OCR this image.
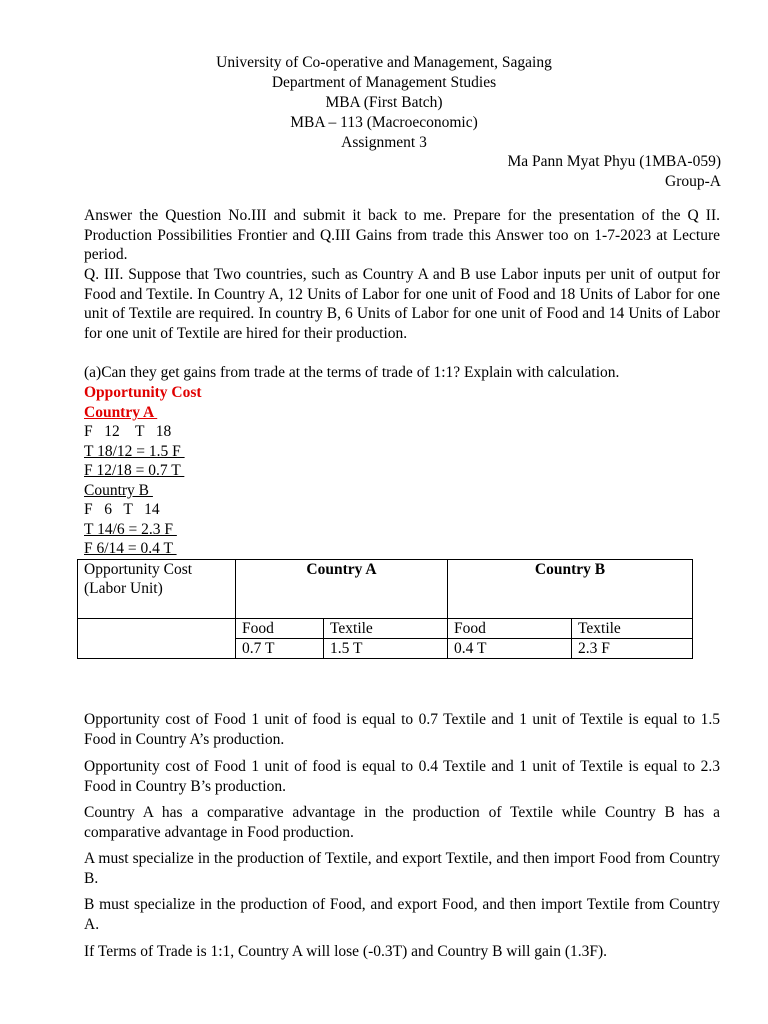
University of Co-operative and Management, Sagaing
Department of Management Studies
MBA (First Batch)
MBA – 113 (Macroeconomic)
Assignment 3
Ma Pann Myat Phyu (1MBA-059)
Group-A
Answer the Question No.III and submit it back to me. Prepare for the presentation of the Q II. Production Possibilities Frontier and Q.III Gains from trade this Answer too on 1-7-2023 at Lecture period.
Q. III. Suppose that Two countries, such as Country A and B use Labor inputs per unit of output for Food and Textile. In Country A, 12 Units of Labor for one unit of Food and 18 Units of Labor for one unit of Textile are required. In country B, 6 Units of Labor for one unit of Food and 14 Units of Labor for one unit of Textile are hired for their production.
(a)Can they get gains from trade at the terms of trade of 1:1? Explain with calculation.
Opportunity Cost
Country A
F   12    T   18
T 18/12 = 1.5 F
F 12/18 = 0.7 T
Country B
F   6   T   14
T 14/6 = 2.3 F
F 6/14 = 0.4 T
Opportunity Cost (Labor Unit)	Country A		Country B	
	Food	Textile	Food	Textile
	0.7 T	1.5 T	0.4 T	2.3 F
Opportunity cost of Food 1 unit of food is equal to 0.7 Textile and 1 unit of Textile is equal to 1.5 Food in Country A’s production.
Opportunity cost of Food 1 unit of food is equal to 0.4 Textile and 1 unit of Textile is equal to 2.3 Food in Country B’s production.
Country A has a comparative advantage in the production of Textile while Country B has a comparative advantage in Food production.
A must specialize in the production of Textile, and export Textile, and then import Food from Country B.
B must specialize in the production of Food, and export Food, and then import Textile from Country A.
If Terms of Trade is 1:1, Country A will lose (-0.3T) and Country B will gain (1.3F).
